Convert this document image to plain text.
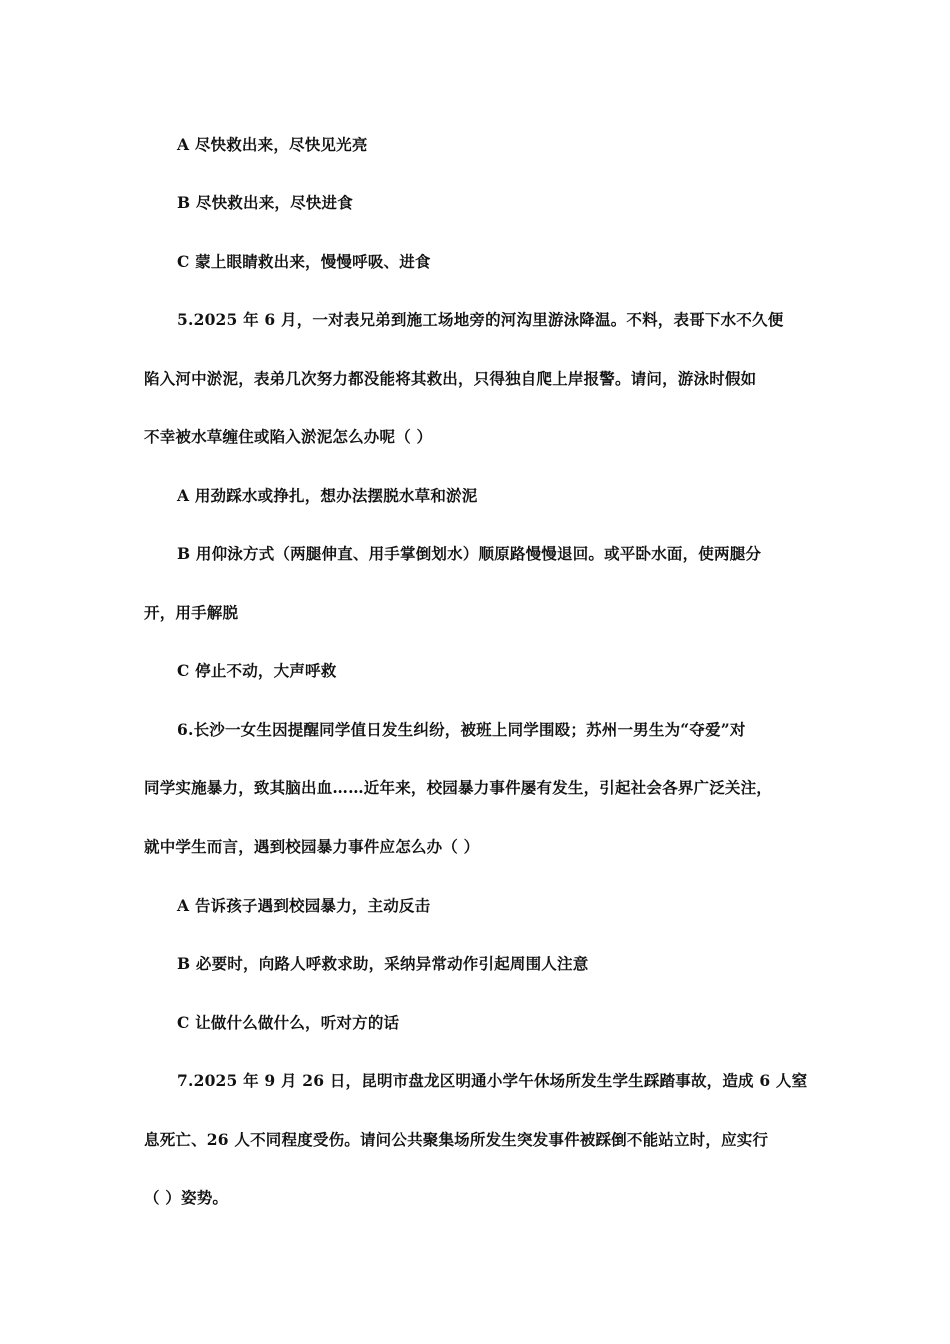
A 尽快救出来，尽快见光亮
B 尽快救出来，尽快进食
C 蒙上眼睛救出来，慢慢呼吸、进食
5.2025 年 6 月，一对表兄弟到施工场地旁的河沟里游泳降温。不料，表哥下水不久便
陷入河中淤泥，表弟几次努力都没能将其救出，只得独自爬上岸报警。请问，游泳时假如
不幸被水草缠住或陷入淤泥怎么办呢（ ）
A 用劲踩水或挣扎，想办法摆脱水草和淤泥
B 用仰泳方式（两腿伸直、用手掌倒划水）顺原路慢慢退回。或平卧水面，使两腿分
开，用手解脱
C 停止不动，大声呼救
6.长沙一女生因提醒同学值日发生纠纷，被班上同学围殴；苏州一男生为“夺爱”对
同学实施暴力，致其脑出血……近年来，校园暴力事件屡有发生，引起社会各界广泛关注，
就中学生而言，遇到校园暴力事件应怎么办（ ）
A 告诉孩子遇到校园暴力，主动反击
B 必要时，向路人呼救求助，采纳异常动作引起周围人注意
C 让做什么做什么，听对方的话
7.2025 年 9 月 26 日，昆明市盘龙区明通小学午休场所发生学生踩踏事故，造成 6 人窒
息死亡、26 人不同程度受伤。请问公共聚集场所发生突发事件被踩倒不能站立时，应实行
（ ）姿势。
